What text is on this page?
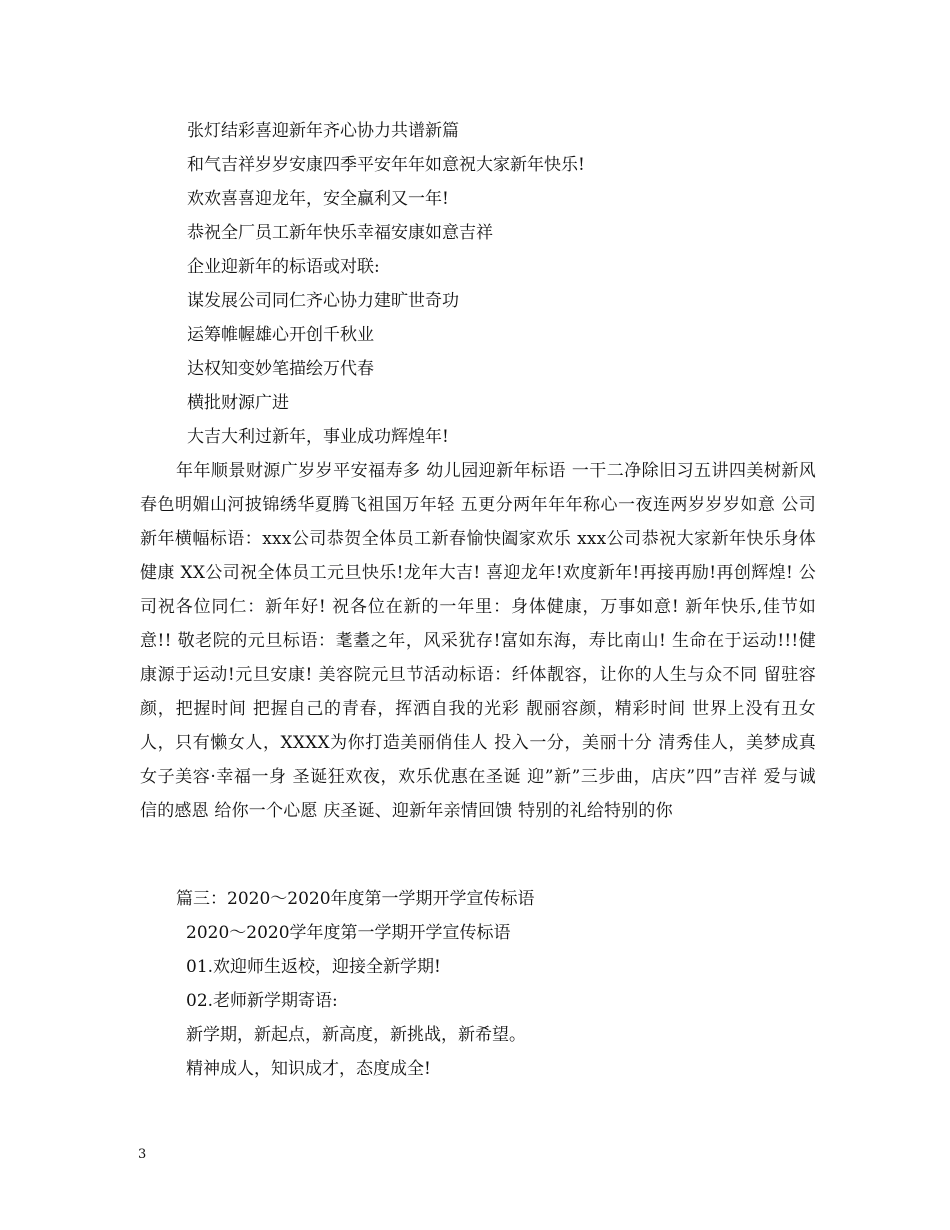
张灯结彩喜迎新年齐心协力共谱新篇

和气吉祥岁岁安康四季平安年年如意祝大家新年快乐!

欢欢喜喜迎龙年，安全赢利又一年!

恭祝全厂员工新年快乐幸福安康如意吉祥

企业迎新年的标语或对联:

谋发展公司同仁齐心协力建旷世奇功

运筹帷幄雄心开创千秋业

达权知变妙笔描绘万代春

横批财源广进

大吉大利过新年，事业成功辉煌年!

年年顺景财源广岁岁平安福寿多 幼儿园迎新年标语 一干二净除旧习五讲四美树新风 春色明媚山河披锦绣华夏腾飞祖国万年轻 五更分两年年年称心一夜连两岁岁岁如意 公司新年横幅标语：xxx公司恭贺全体员工新春愉快阖家欢乐 xxx公司恭祝大家新年快乐身体健康 XX公司祝全体员工元旦快乐!龙年大吉! 喜迎龙年!欢度新年!再接再励!再创辉煌! 公司祝各位同仁：新年好! 祝各位在新的一年里：身体健康，万事如意! 新年快乐,佳节如意!! 敬老院的元旦标语：耄耋之年，风采犹存!富如东海，寿比南山! 生命在于运动!!!健康源于运动!元旦安康! 美容院元旦节活动标语：纤体靓容，让你的人生与众不同 留驻容颜，把握时间 把握自己的青春，挥洒自我的光彩 靓丽容颜，精彩时间 世界上没有丑女人，只有懒女人，XXXX为你打造美丽俏佳人 投入一分，美丽十分 清秀佳人，美梦成真 女子美容·幸福一身 圣诞狂欢夜，欢乐优惠在圣诞 迎”新”三步曲，店庆”四”吉祥 爱与诚信的感恩 给你一个心愿 庆圣诞、迎新年亲情回馈 特别的礼给特别的你

篇三：2020～2020年度第一学期开学宣传标语

2020～2020学年度第一学期开学宣传标语

01.欢迎师生返校，迎接全新学期!

02.老师新学期寄语:

新学期，新起点，新高度，新挑战，新希望。

精神成人，知识成才，态度成全!

3
